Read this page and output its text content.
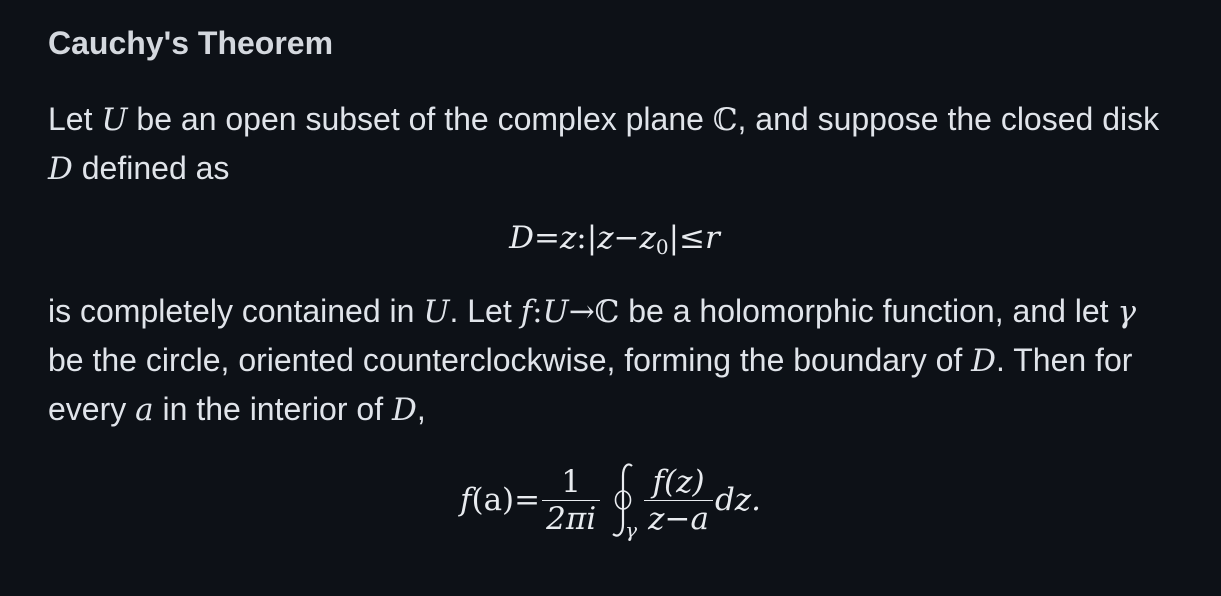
Cauchy's Theorem

Let U be an open subset of the complex plane ℂ, and suppose the closed disk D defined as

$D=z:|z-z_0|\le r$

is completely contained in U. Let f:U→ℂ be a holomorphic function, and let γ be the circle, oriented counterclockwise, forming the boundary of D. Then for every a in the interior of D,

f $(a) = \frac{1}{2\pi i}$ γ $\frac{f(z)}{z-a}$ dz.
